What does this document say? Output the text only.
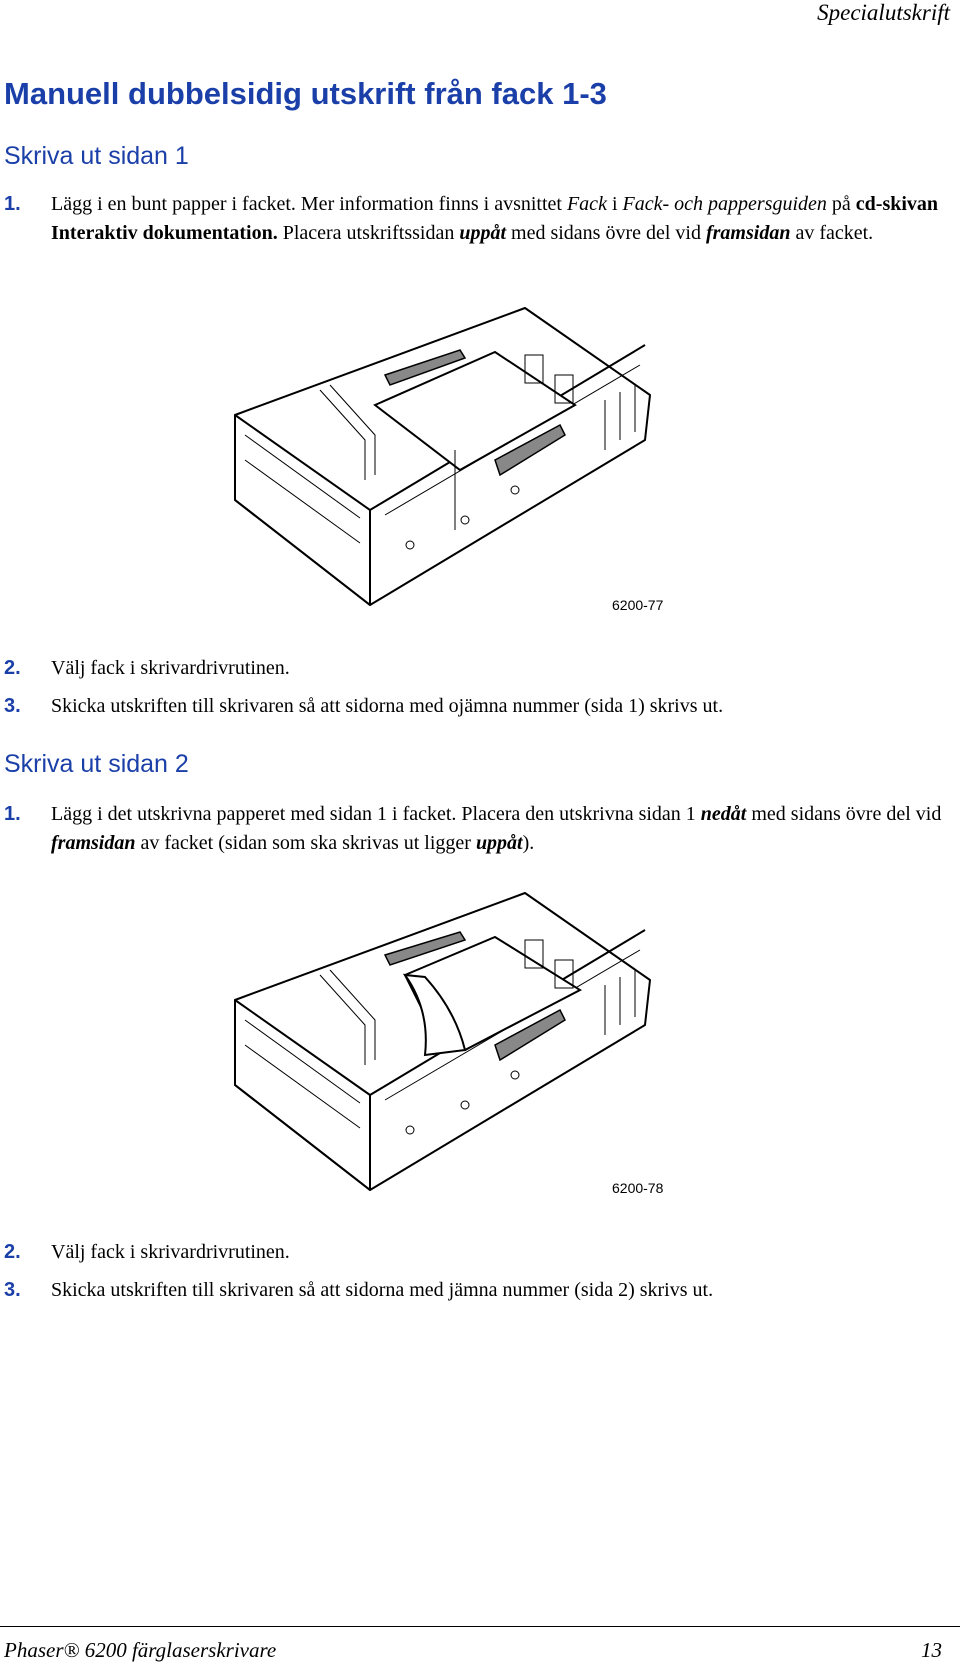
Specialutskrift
Manuell dubbelsidig utskrift från fack 1-3
Skriva ut sidan 1
1. Lägg i en bunt papper i facket. Mer information finns i avsnittet Fack i Fack- och pappersguiden på cd-skivan Interaktiv dokumentation. Placera utskriftssidan uppåt med sidans övre del vid framsidan av facket.
6200-77
2. Välj fack i skrivardrivrutinen.
3. Skicka utskriften till skrivaren så att sidorna med ojämna nummer (sida 1) skrivs ut.
Skriva ut sidan 2
1. Lägg i det utskrivna papperet med sidan 1 i facket. Placera den utskrivna sidan 1 nedåt med sidans övre del vid framsidan av facket (sidan som ska skrivas ut ligger uppåt).
6200-78
2. Välj fack i skrivardrivrutinen.
3. Skicka utskriften till skrivaren så att sidorna med jämna nummer (sida 2) skrivs ut.
Phaser® 6200 färglaserskrivare	13
